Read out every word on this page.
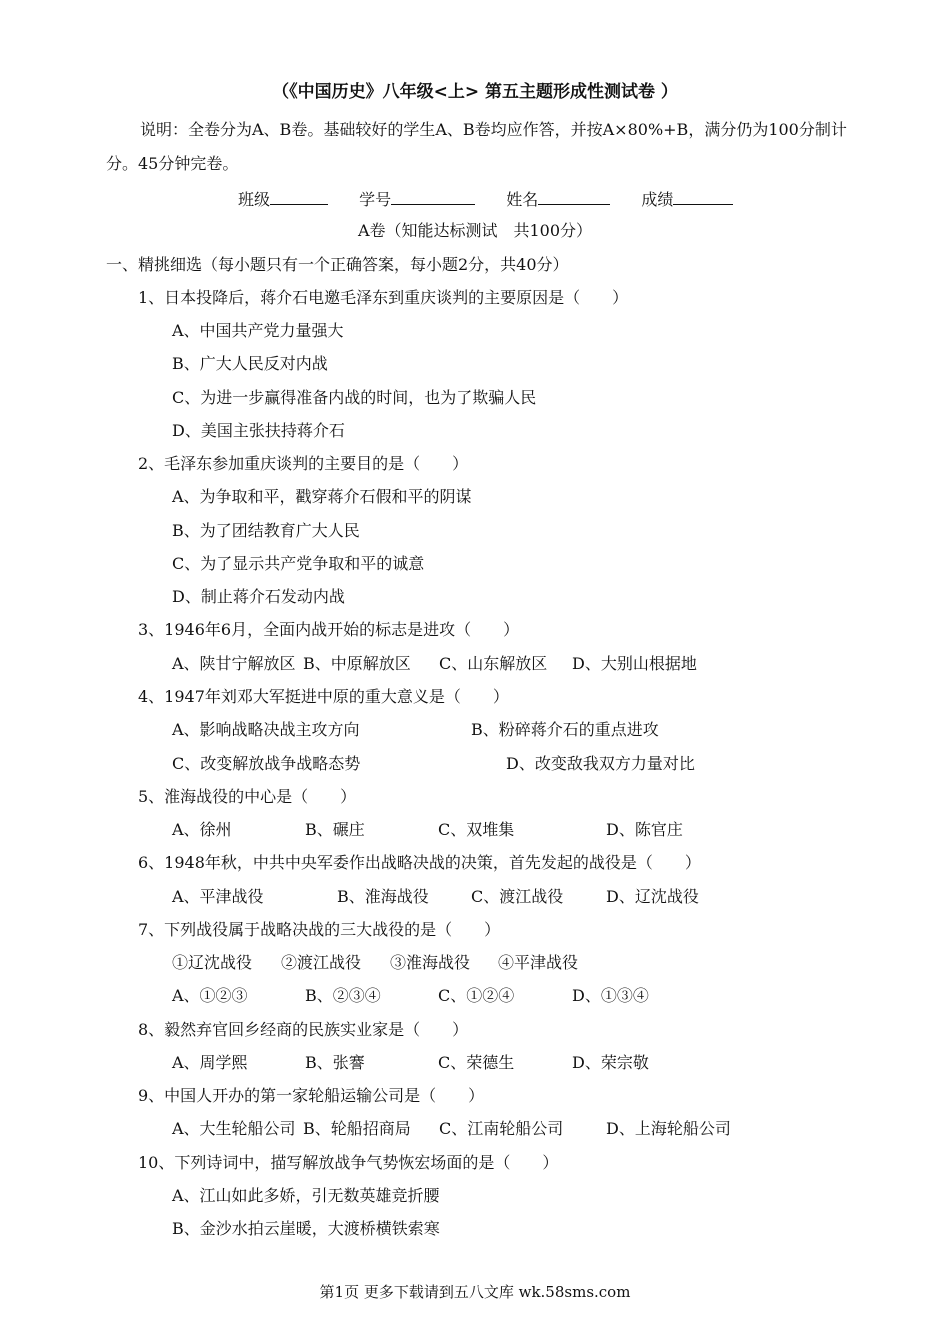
（《中国历史》八年级<上> 第五主题形成性测试卷 ）
说明：全卷分为A、B卷。基础较好的学生A、B卷均应作答，并按A×80%+B，满分仍为100分制计
分。45分钟完卷。
班级	学号	姓名	成绩
A卷（知能达标测试　共100分）
一、精挑细选（每小题只有一个正确答案，每小题2分，共40分）
1、日本投降后，蒋介石电邀毛泽东到重庆谈判的主要原因是（　　）
A、中国共产党力量强大
B、广大人民反对内战
C、为进一步赢得准备内战的时间，也为了欺骗人民
D、美国主张扶持蒋介石
2、毛泽东参加重庆谈判的主要目的是（　　）
A、为争取和平，戳穿蒋介石假和平的阴谋
B、为了团结教育广大人民
C、为了显示共产党争取和平的诚意
D、制止蒋介石发动内战
3、1946年6月，全面内战开始的标志是进攻（　　）
A、陕甘宁解放区 B、中原解放区 C、山东解放区 D、大别山根据地
4、1947年刘邓大军挺进中原的重大意义是（　　）
A、影响战略决战主攻方向	B、粉碎蒋介石的重点进攻
C、改变解放战争战略态势	D、改变敌我双方力量对比
5、淮海战役的中心是（　　）
A、徐州	B、碾庄	C、双堆集	D、陈官庄
6、1948年秋，中共中央军委作出战略决战的决策，首先发起的战役是（　　）
A、平津战役	B、淮海战役	C、渡江战役	D、辽沈战役
7、下列战役属于战略决战的三大战役的是（　　）
①辽沈战役 ②渡江战役 ③淮海战役 ④平津战役
A、①②③	B、②③④	C、①②④	D、①③④
8、毅然弃官回乡经商的民族实业家是（　　）
A、周学熙	B、张謇	C、荣德生	D、荣宗敬
9、中国人开办的第一家轮船运输公司是（　　）
A、大生轮船公司 B、轮船招商局 C、江南轮船公司	D、上海轮船公司
10、下列诗词中，描写解放战争气势恢宏场面的是（　　）
A、江山如此多娇，引无数英雄竞折腰
B、金沙水拍云崖暖，大渡桥横铁索寒
第1页 更多下载请到五八文库 wk.58sms.com
